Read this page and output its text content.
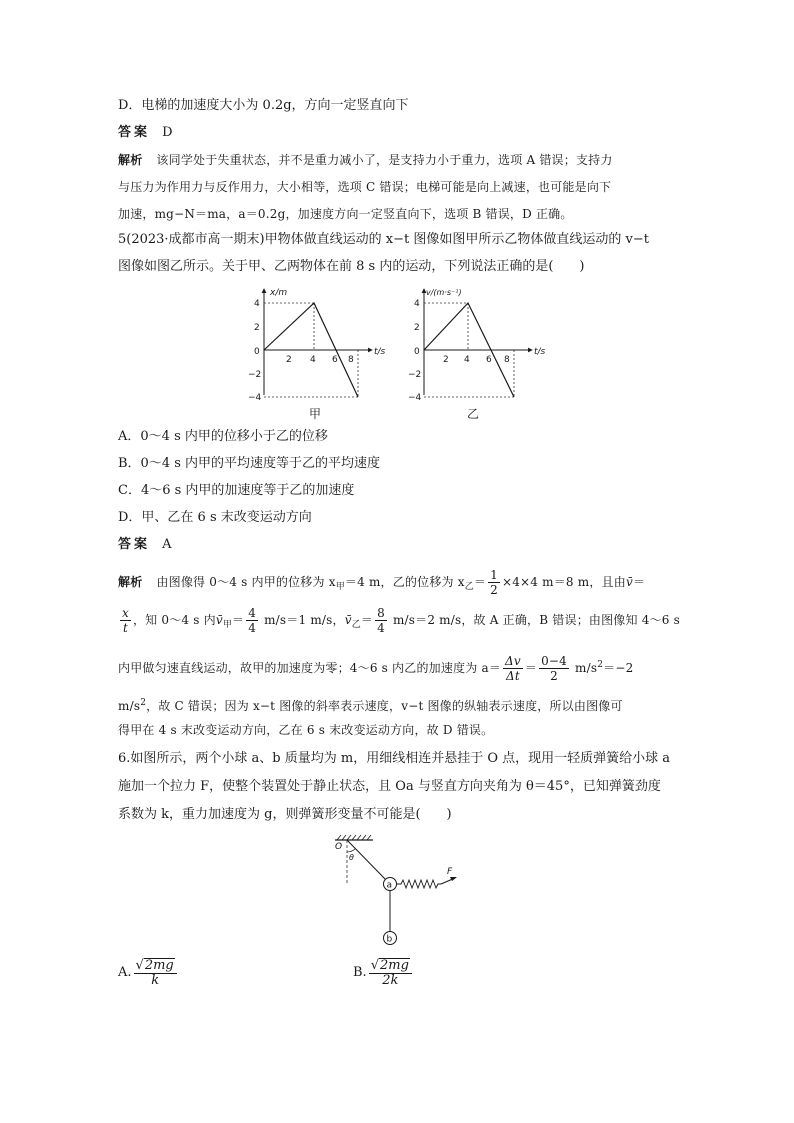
D．电梯的加速度大小为 0.2g，方向一定竖直向下
答案 D
解析 该同学处于失重状态，并不是重力减小了，是支持力小于重力，选项 A 错误；支持力
与压力为作用力与反作用力，大小相等，选项 C 错误；电梯可能是向上减速，也可能是向下
加速，mg−N＝ma，a＝0.2g，加速度方向一定竖直向下，选项 B 错误，D 正确。
5(2023·成都市高一期末)甲物体做直线运动的 x−t 图像如图甲所示乙物体做直线运动的 v−t
图像如图乙所示。关于甲、乙两物体在前 8 s 内的运动，下列说法正确的是(　　)
x/m
t/s
4
2
−2
−4
0
2 4 6 8
甲
v/(m·s⁻¹)
t/s
4
2
−2
−4
0
2 4 6 8
乙
A．0～4 s 内甲的位移小于乙的位移
B．0～4 s 内甲的平均速度等于乙的平均速度
C．4～6 s 内甲的加速度等于乙的加速度
D．甲、乙在 6 s 末改变运动方向
答案 A
解析 由图像得 0～4 s 内甲的位移为 $x_甲=4$ m，乙的位移为 $x_乙= \frac{1}{2} \times 4\times 4$ m＝8 m，且由v̄＝
$\frac{x}{t}$ ，知 0～4 s 内$v̄_甲= \frac{4}{4} m/s=1$ m/s，$v̄_乙= \frac{8}{4} m/s=2$ m/s，故 A 正确，B 错误；由图像知 4～6 s
内甲做匀速直线运动，故甲的加速度为零；4～6 s 内乙的加速度为 $a= \frac{\Delta v}{\Delta t} = \frac{0-4}{2} m/s^2=-2$
$m/s^2$，故 C 错误；因为 x−t 图像的斜率表示速度，v−t 图像的纵轴表示速度，所以由图像可
得甲在 4 s 末改变运动方向，乙在 6 s 末改变运动方向，故 D 错误。
6.如图所示，两个小球 a、b 质量均为 m，用细线相连并悬挂于 O 点，现用一轻质弹簧给小球 a
施加一个拉力 F，使整个装置处于静止状态，且 Oa 与竖直方向夹角为 θ＝45°，已知弹簧劲度
系数为 k，重力加速度为 g，则弹簧形变量不可能是(　　)
O
θ
a
F
b
A. $\frac{√2mg}{k}$	B. $\frac{√2mg}{2k}$
